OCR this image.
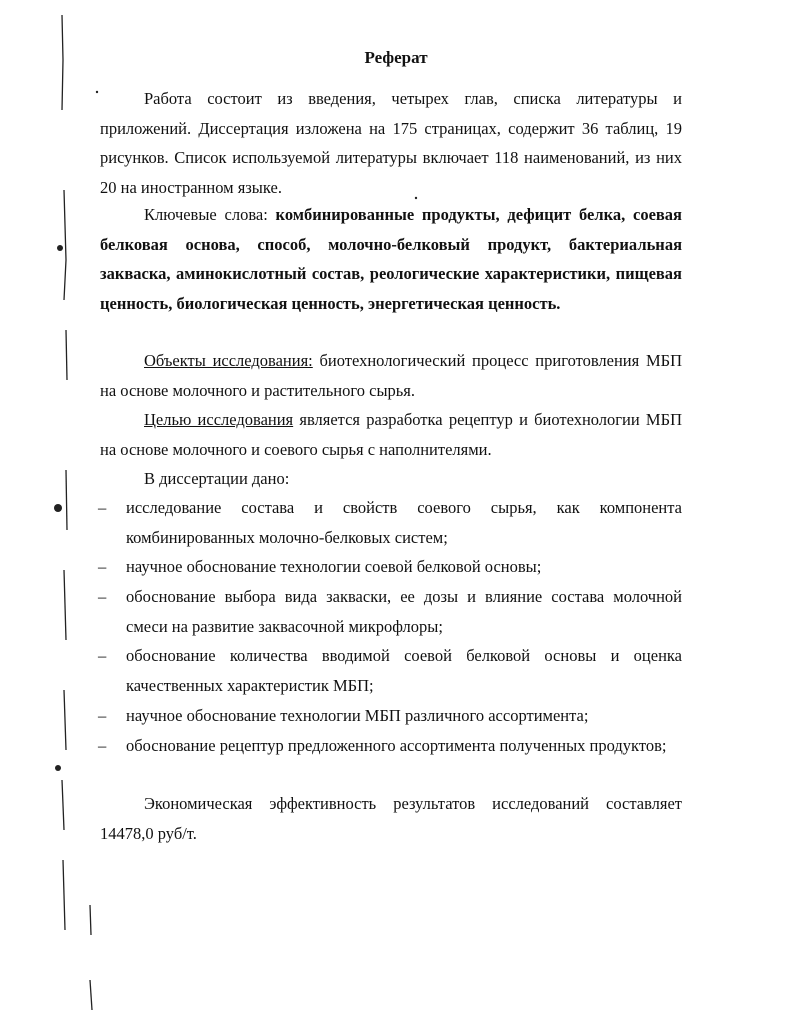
Реферат

Работа состоит из введения, четырех глав, списка литературы и приложений. Диссертация изложена на 175 страницах, содержит 36 таблиц, 19 рисунков. Список используемой литературы включает 118 наименований, из них 20 на иностранном языке.

Ключевые слова: комбинированные продукты, дефицит белка, соевая белковая основа, способ, молочно-белковый продукт, бактериальная закваска, аминокислотный состав, реологические характеристики, пищевая ценность, биологическая ценность, энергетическая ценность.

Объекты исследования: биотехнологический процесс приготовления МБП на основе молочного и растительного сырья.

Целью исследования является разработка рецептур и биотехнологии МБП на основе молочного и соевого сырья с наполнителями.

В диссертации дано:

– исследование состава и свойств соевого сырья, как компонента комбинированных молочно-белковых систем;
– научное обоснование технологии соевой белковой основы;
– обоснование выбора вида закваски, ее дозы и влияние состава молочной смеси на развитие заквасочной микрофлоры;
– обоснование количества вводимой соевой белковой основы и оценка качественных характеристик МБП;
– научное обоснование технологии МБП различного ассортимента;
– обоснование рецептур предложенного ассортимента полученных продуктов;

Экономическая эффективность результатов исследований составляет 14478,0 руб/т.
